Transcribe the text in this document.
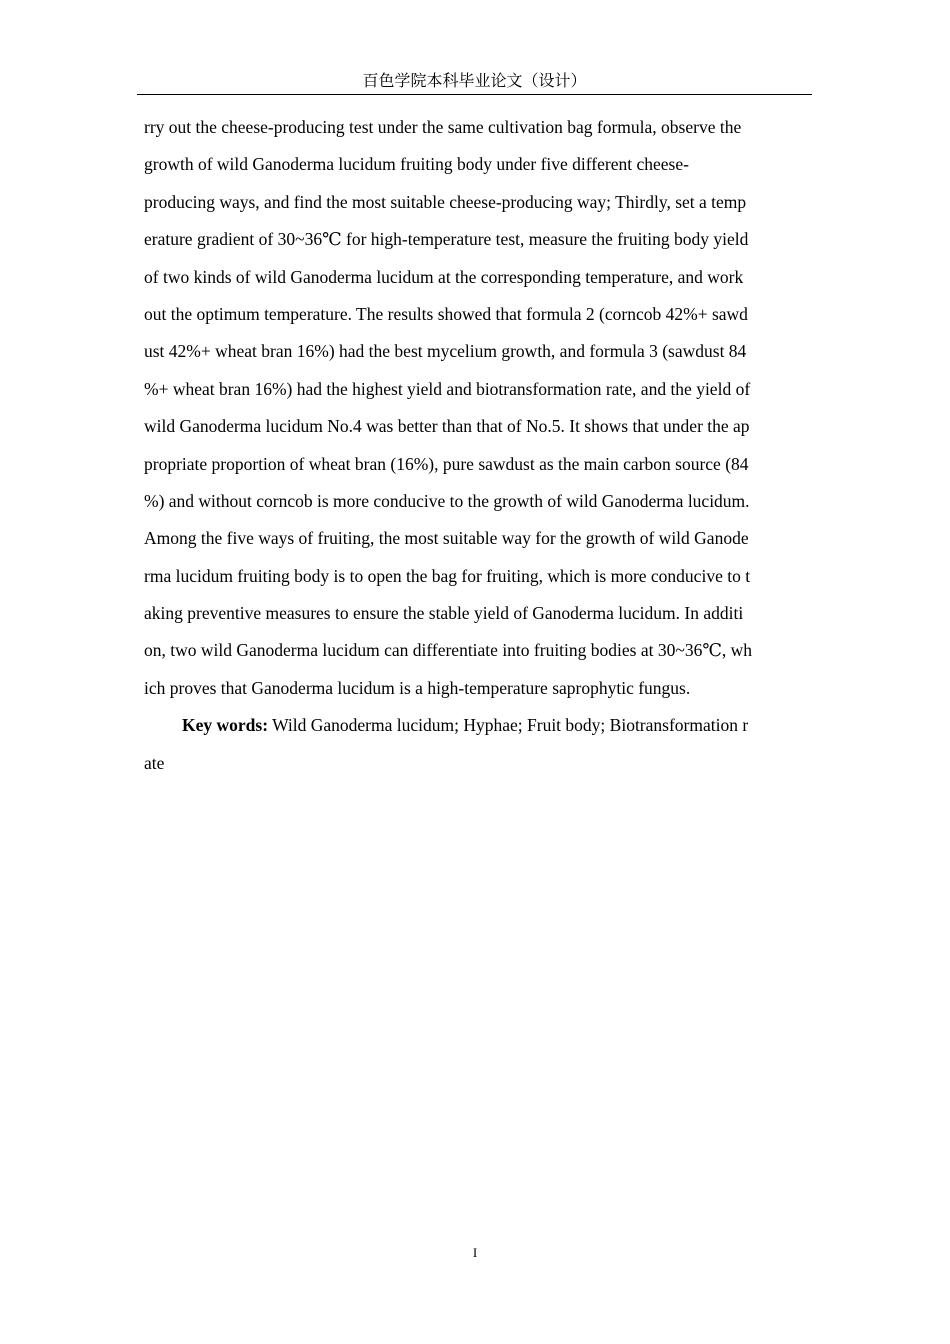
百色学院本科毕业论文（设计）
rry out the cheese-producing test under the same cultivation bag formula, observe the
growth of wild Ganoderma lucidum fruiting body under five different cheese-
producing ways, and find the most suitable cheese-producing way; Thirdly, set a temp
erature gradient of 30~36℃ for high-temperature test, measure the fruiting body yield
of two kinds of wild Ganoderma lucidum at the corresponding temperature, and work
out the optimum temperature. The results showed that formula 2 (corncob 42%+ sawd
ust 42%+ wheat bran 16%) had the best mycelium growth, and formula 3 (sawdust 84
%+ wheat bran 16%) had the highest yield and biotransformation rate, and the yield of
wild Ganoderma lucidum No.4 was better than that of No.5. It shows that under the ap
propriate proportion of wheat bran (16%), pure sawdust as the main carbon source (84
%) and without corncob is more conducive to the growth of wild Ganoderma lucidum.
Among the five ways of fruiting, the most suitable way for the growth of wild Ganode
rma lucidum fruiting body is to open the bag for fruiting, which is more conducive to t
aking preventive measures to ensure the stable yield of Ganoderma lucidum. In additi
on, two wild Ganoderma lucidum can differentiate into fruiting bodies at 30~36℃, wh
ich proves that Ganoderma lucidum is a high-temperature saprophytic fungus.
Key words: Wild Ganoderma lucidum; Hyphae; Fruit body; Biotransformation r
ate
I
